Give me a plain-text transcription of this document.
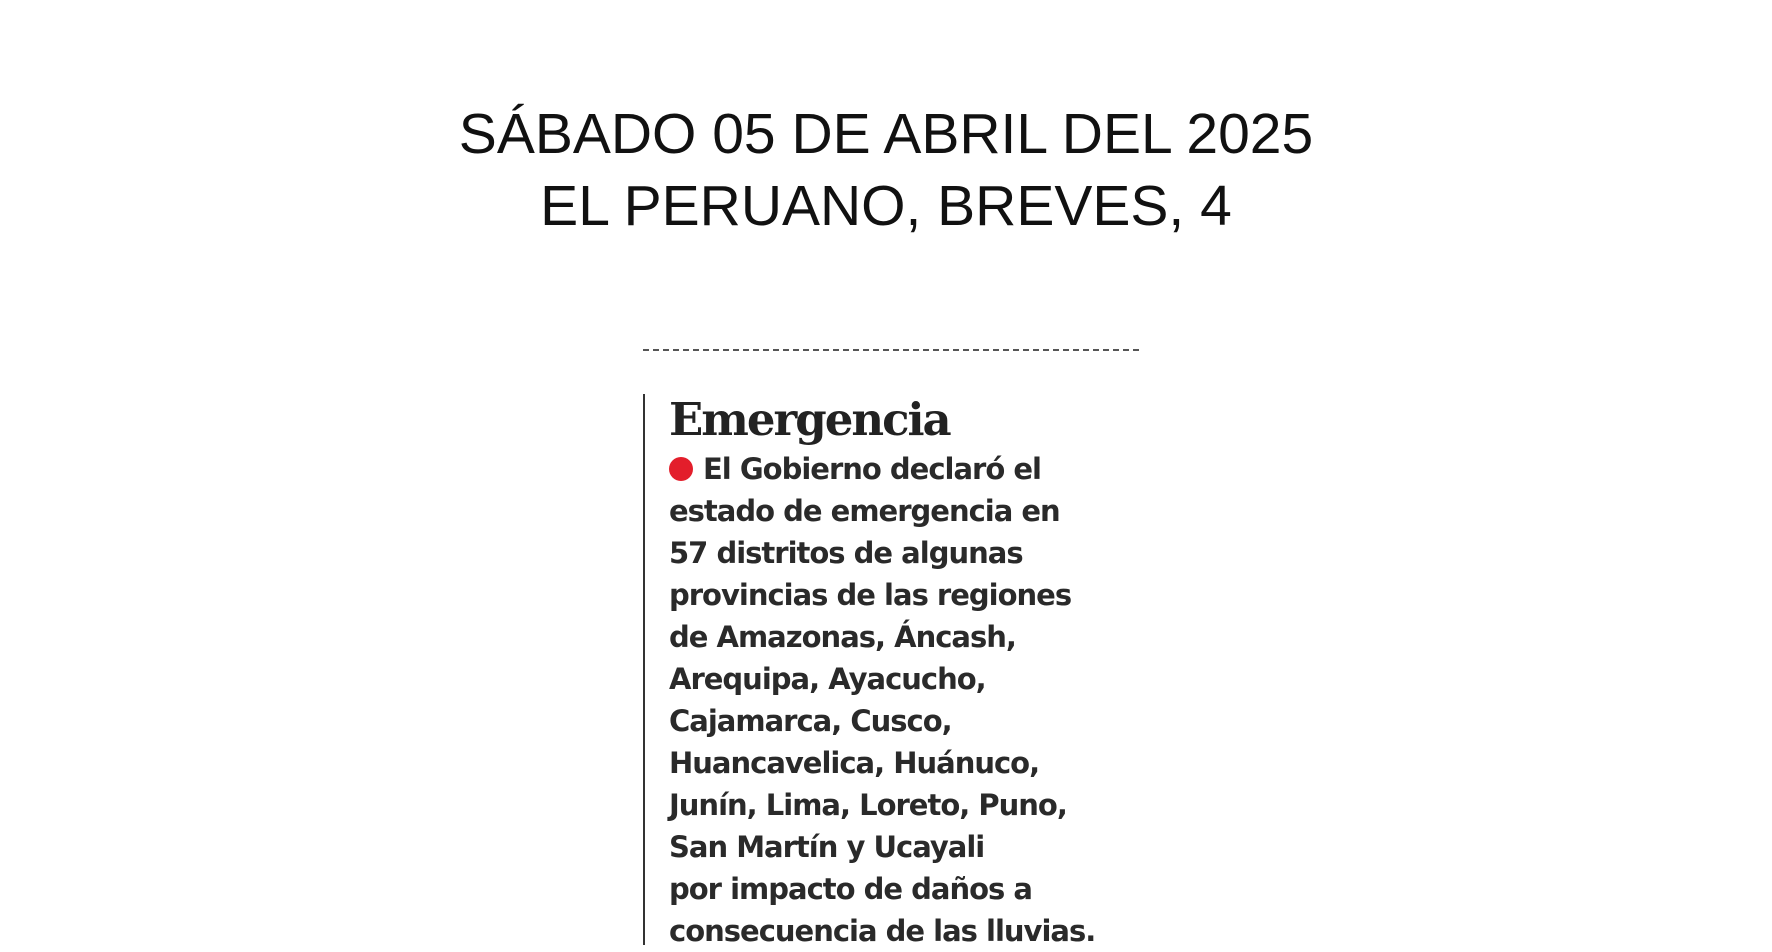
SÁBADO 05 DE ABRIL DEL 2025
EL PERUANO, BREVES, 4
Emergencia
El Gobierno declaró el
estado de emergencia en
57 distritos de algunas
provincias de las regiones
de Amazonas, Áncash,
Arequipa, Ayacucho,
Cajamarca, Cusco,
Huancavelica, Huánuco,
Junín, Lima, Loreto, Puno,
San Martín y Ucayali
por impacto de daños a
consecuencia de las lluvias.
